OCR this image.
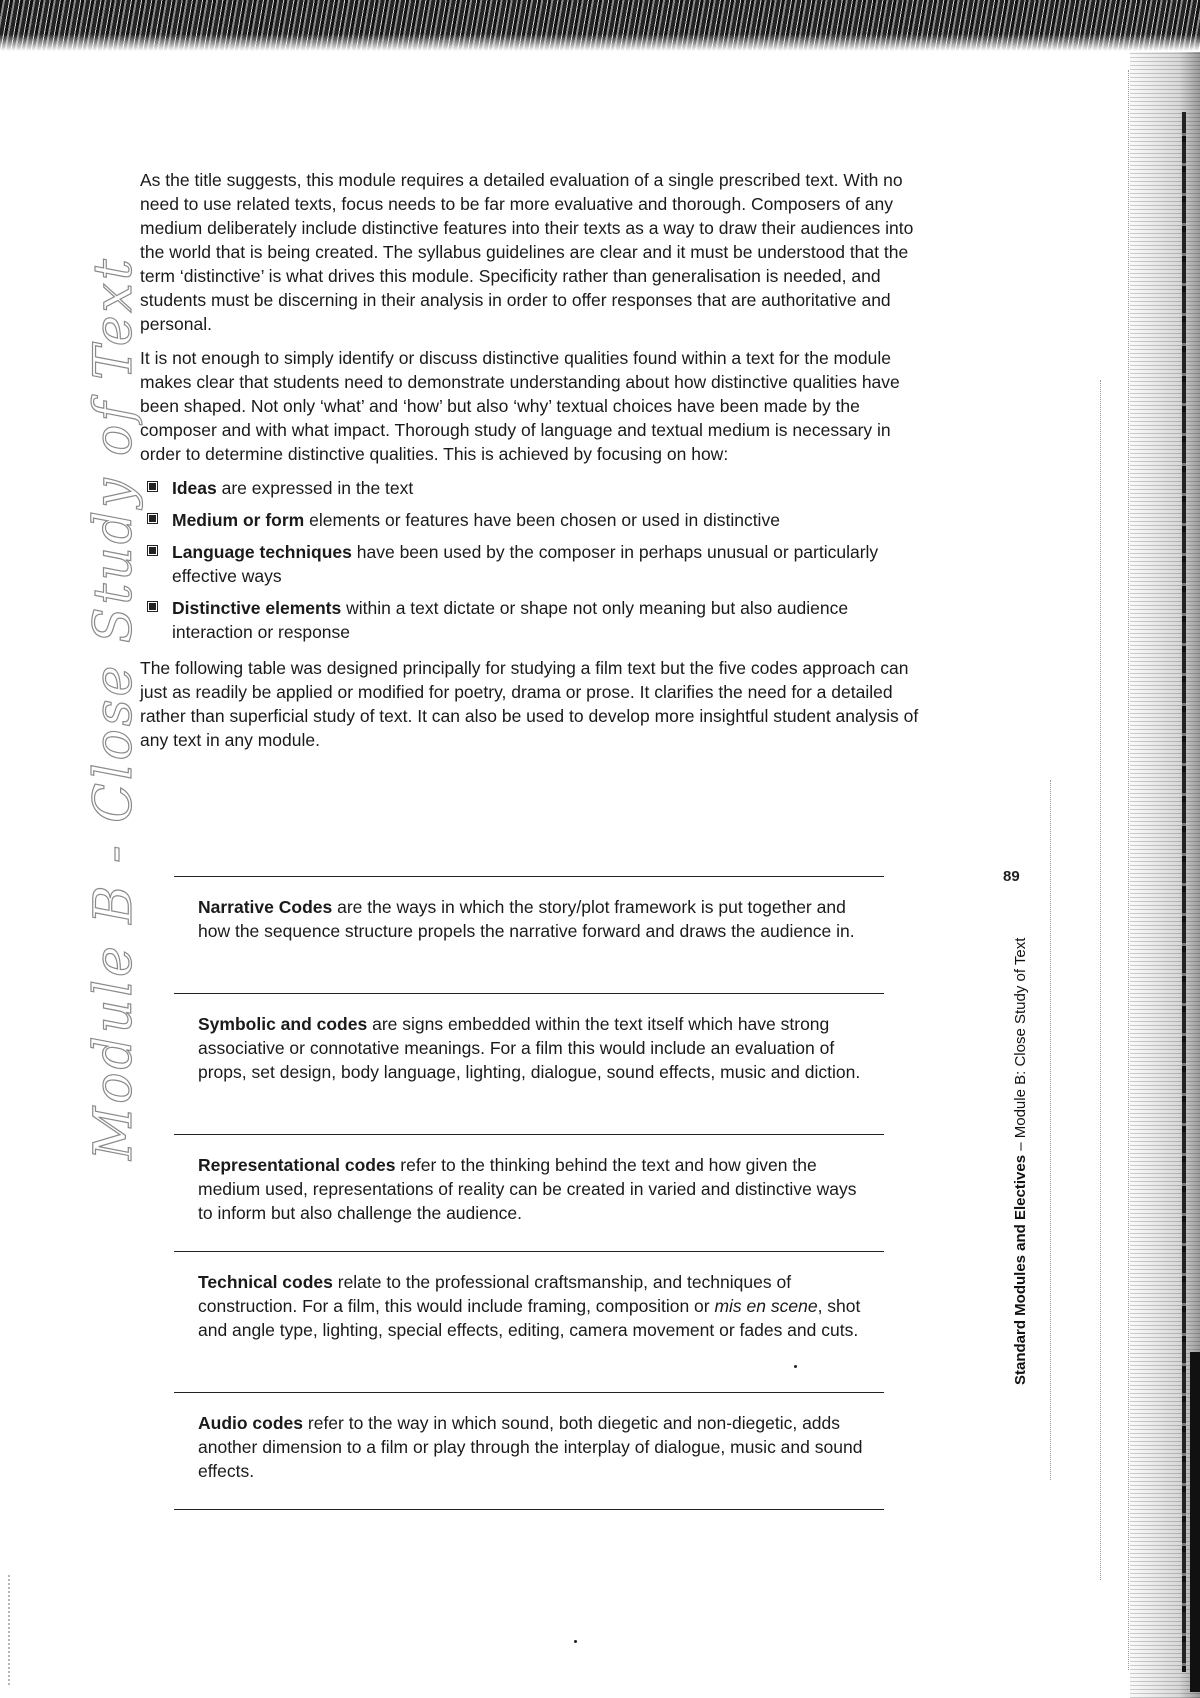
Module B - Close Study of Text	89
Standard Modules and Electives – Module B: Close Study of Text

As the title suggests, this module requires a detailed evaluation of a single prescribed text. With no need to use related texts, focus needs to be far more evaluative and thorough. Composers of any medium deliberately include distinctive features into their texts as a way to draw their audiences into the world that is being created. The syllabus guidelines are clear and it must be understood that the term ‘distinctive’ is what drives this module. Specificity rather than generalisation is needed, and students must be discerning in their analysis in order to offer responses that are authoritative and personal.

It is not enough to simply identify or discuss distinctive qualities found within a text for the module makes clear that students need to demonstrate understanding about how distinctive qualities have been shaped. Not only ‘what’ and ‘how’ but also ‘why’ textual choices have been made by the composer and with what impact. Thorough study of language and textual medium is necessary in order to determine distinctive qualities. This is achieved by focusing on how:

Ideas are expressed in the text
Medium or form elements or features have been chosen or used in distinctive
Language techniques have been used by the composer in perhaps unusual or particularly effective ways
Distinctive elements within a text dictate or shape not only meaning but also audience interaction or response

The following table was designed principally for studying a film text but the five codes approach can just as readily be applied or modified for poetry, drama or prose. It clarifies the need for a detailed rather than superficial study of text. It can also be used to develop more insightful student analysis of any text in any module.

Narrative Codes are the ways in which the story/plot framework is put together and how the sequence structure propels the narrative forward and draws the audience in.
Symbolic and codes are signs embedded within the text itself which have strong associative or connotative meanings. For a film this would include an evaluation of props, set design, body language, lighting, dialogue, sound effects, music and diction.
Representational codes refer to the thinking behind the text and how given the medium used, representations of reality can be created in varied and distinctive ways to inform but also challenge the audience.
Technical codes relate to the professional craftsmanship, and techniques of construction. For a film, this would include framing, composition or mis en scene, shot and angle type, lighting, special effects, editing, camera movement or fades and cuts.
Audio codes refer to the way in which sound, both diegetic and non-diegetic, adds another dimension to a film or play through the interplay of dialogue, music and sound effects.
